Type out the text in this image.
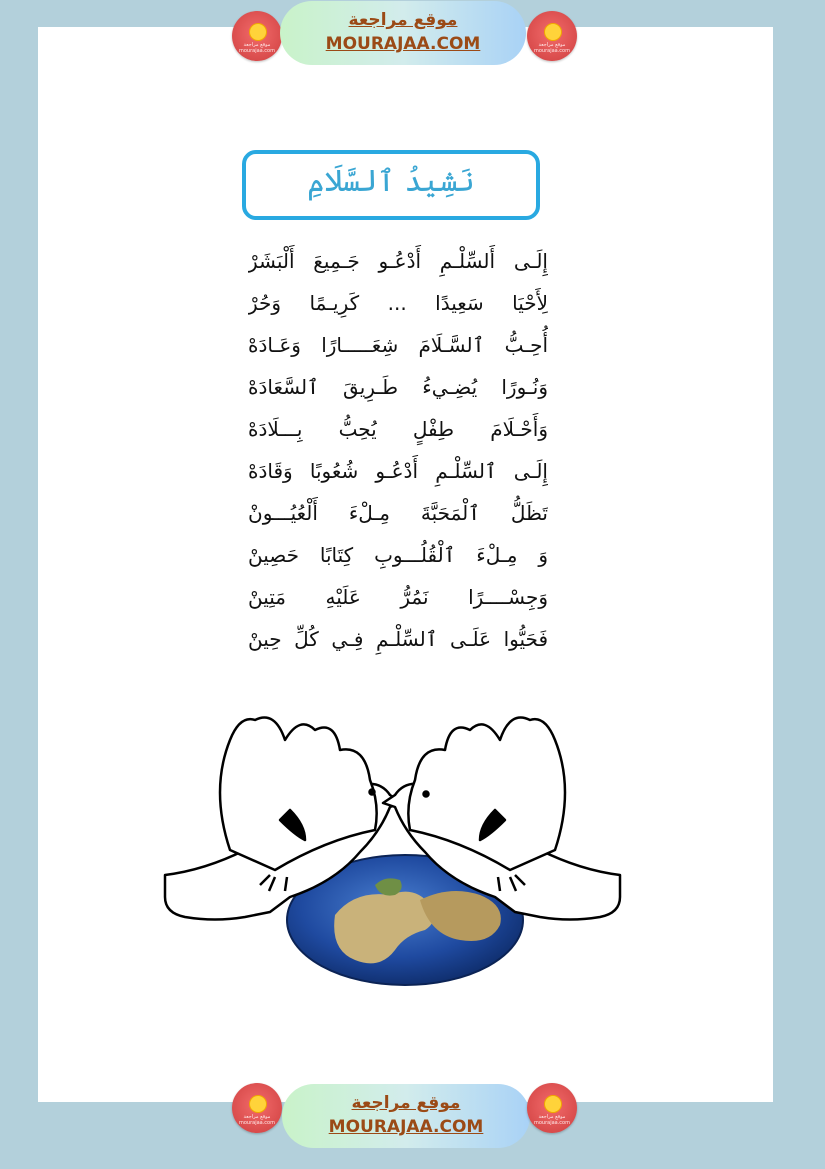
موقع مراجعة mourajaa.com
موقع مراجعة
MOURAJAA.COM	موقع مراجعة mourajaa.com
نَشِيدُ ٱلسَّلَامِ
إِلَـى أَلسِّلْـمِ أَدْعُـو جَـمِيعَ أَلْبَشَرْ
لِأَحْيَا سَعِيدًا ... كَرِيـمًا وَحُرْ
أُحِـبُّ ٱلسَّـلَامَ شِعَـــــارًا وَعَـادَهْ
وَنُـورًا يُضِـيءُ طَـرِيقَ ٱلسَّعَادَهْ
وَأَحْـلَامَ طِفْلٍ يُحِبُّ بِـــلَادَهْ
إِلَـى ٱلسِّلْـمِ أَدْعُـو شُعُوبًا وَقَادَهْ
تَظَلُّ ٱلْمَحَبَّةَ مِـلْءَ أَلْعُيُـــونْ
وَ مِـلْءَ ٱلْقُلُـــوبِ كِتَابًا حَصِينْ
وَجِسْــــرًا نَمُرُّ عَلَيْهِ مَتِينْ
فَحَيُّوا عَلَـى ٱلسِّلْـمِ فِـي كُلِّ حِينْ
موقع مراجعة mourajaa.com
موقع مراجعة
MOURAJAA.COM	موقع مراجعة mourajaa.com
